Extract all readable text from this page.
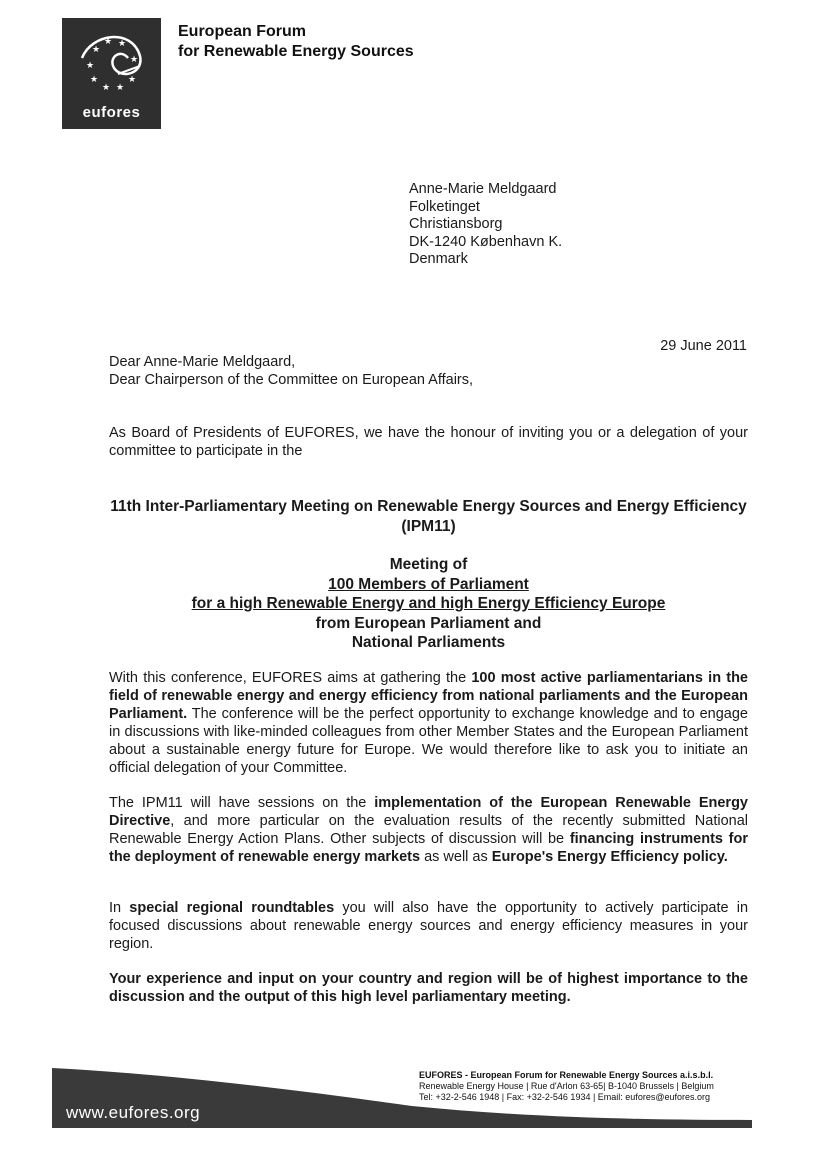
★
★ ★
★
★
★ ★
★
★
eufores
European Forum
for Renewable Energy Sources
Anne-Marie Meldgaard
Folketinget
Christiansborg
DK-1240 København K.
Denmark
29 June 2011
Dear Anne-Marie Meldgaard,
Dear Chairperson of the Committee on European Affairs,
As Board of Presidents of EUFORES, we have the honour of inviting you or a delegation of your committee to participate in the
11th Inter-Parliamentary Meeting on Renewable Energy Sources and Energy Efficiency (IPM11)
Meeting of
100 Members of Parliament
for a high Renewable Energy and high Energy Efficiency Europe
from European Parliament and
National Parliaments
With this conference, EUFORES aims at gathering the 100 most active parliamentarians in the field of renewable energy and energy efficiency from national parliaments and the European Parliament. The conference will be the perfect opportunity to exchange knowledge and to engage in discussions with like-minded colleagues from other Member States and the European Parliament about a sustainable energy future for Europe. We would therefore like to ask you to initiate an official delegation of your Committee.
The IPM11 will have sessions on the implementation of the European Renewable Energy Directive, and more particular on the evaluation results of the recently submitted National Renewable Energy Action Plans. Other subjects of discussion will be financing instruments for the deployment of renewable energy markets as well as Europe's Energy Efficiency policy.
In special regional roundtables you will also have the opportunity to actively participate in focused discussions about renewable energy sources and energy efficiency measures in your region.
Your experience and input on your country and region will be of highest importance to the discussion and the output of this high level parliamentary meeting.
www.eufores.org
EUFORES - European Forum for Renewable Energy Sources a.i.s.b.l.
Renewable Energy House | Rue d'Arlon 63-65| B-1040 Brussels | Belgium
Tel: +32-2-546 1948 | Fax: +32-2-546 1934 | Email: eufores@eufores.org
